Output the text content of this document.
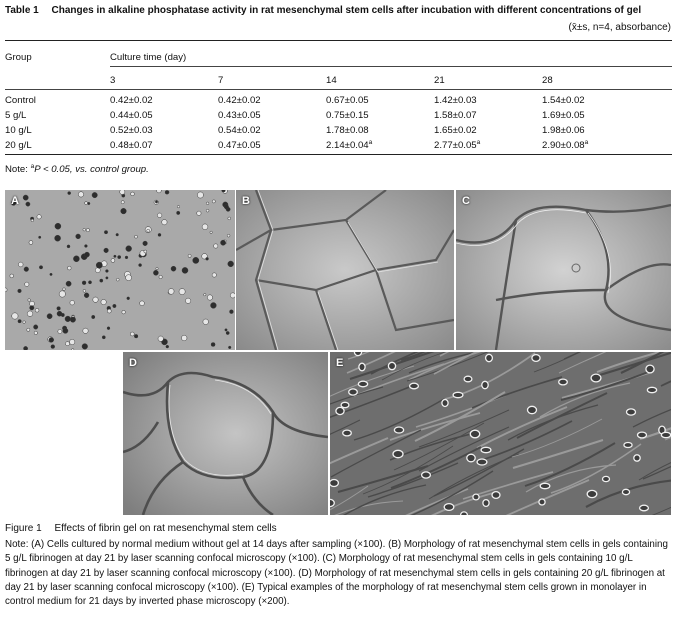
Table 1 Changes in alkaline phosphatase activity in rat mesenchymal stem cells after incubation with different concentrations of gel
(x̄±s, n=4, absorbance)
Group	Culture time (day)
3	7	14	21	28
Control	0.42±0.02	0.42±0.02	0.67±0.05	1.42±0.03	1.54±0.02
5 g/L	0.44±0.05	0.43±0.05	0.75±0.15	1.58±0.07	1.69±0.05
10 g/L	0.52±0.03	0.54±0.02	1.78±0.08	1.65±0.02	1.98±0.06
20 g/L	0.48±0.07	0.47±0.05	2.14±0.04$^a$	2.77±0.05$^a$	2.90±0.08$^a$
Note: $^a$P < 0.05, vs. control group.
A	B	C
D	E
Figure 1 Effects of fibrin gel on rat mesenchymal stem cells
Note: (A) Cells cultured by normal medium without gel at 14 days after sampling (×100). (B) Morphology of rat mesenchymal stem cells in gels containing 5 g/L fibrinogen at day 21 by laser scanning confocal microscopy (×100). (C) Morphology of rat mesenchymal stem cells in gels containing 10 g/L fibrinogen at day 21 by laser scanning confocal microscopy (×100). (D) Morphology of rat mesenchymal stem cells in gels containing 20 g/L fibrinogen at day 21 by laser scanning confocal microscopy (×100). (E) Typical examples of the morphology of rat mesenchymal stem cells grown in monolayer in control medium for 21 days by inverted phase microscopy (×200).
